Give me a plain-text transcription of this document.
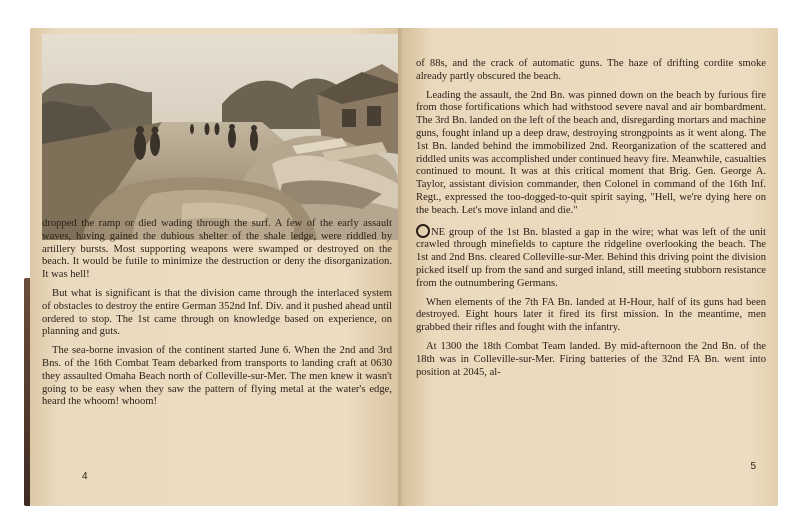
dropped the ramp or died wading through the surf. A few of the early assault waves, having gained the dubious shelter of the shale ledge, were riddled by artillery bursts. Most supporting weapons were swamped or destroyed on the beach. It would be futile to minimize the destruction or deny the disorganization. It was hell!

But what is significant is that the division came through the interlaced system of obstacles to destroy the entire German 352nd Inf. Div. and it pushed ahead until ordered to stop. The 1st came through on knowledge based on experience, on planning and guts.

The sea-borne invasion of the continent started June 6. When the 2nd and 3rd Bns. of the 16th Combat Team debarked from transports to landing craft at 0630 they assaulted Omaha Beach north of Colleville-sur-Mer. The men knew it wasn't going to be easy when they saw the pattern of flying metal at the water's edge, heard the whoom! whoom!

4

of 88s, and the crack of automatic guns. The haze of drifting cordite smoke already partly obscured the beach.

Leading the assault, the 2nd Bn. was pinned down on the beach by furious fire from those fortifications which had withstood severe naval and air bombardment. The 3rd Bn. landed on the left of the beach and, disregarding mortars and machine guns, fought inland up a deep draw, destroying strongpoints as it went along. The 1st Bn. landed behind the immobilized 2nd. Reorganization of the scattered and riddled units was accomplished under continued heavy fire. Meanwhile, casualties continued to mount. It was at this critical moment that Brig. Gen. George A. Taylor, assistant division commander, then Colonel in command of the 16th Inf. Regt., expressed the too-dogged-to-quit spirit saying, "Hell, we're dying here on the beach. Let's move inland and die."

NE group of the 1st Bn. blasted a gap in the wire; what was left of the unit crawled through minefields to capture the ridgeline overlooking the beach. The 1st and 2nd Bns. cleared Colleville-sur-Mer. Behind this driving point the division picked itself up from the sand and surged inland, still meeting stubborn resistance from the outnumbering Germans.

When elements of the 7th FA Bn. landed at H-Hour, half of its guns had been destroyed. Eight hours later it fired its first mission. In the meantime, men grabbed their rifles and fought with the infantry.

At 1300 the 18th Combat Team landed. By mid-afternoon the 2nd Bn. of the 18th was in Colleville-sur-Mer. Firing batteries of the 32nd FA Bn. went into position at 2045, al-

5
